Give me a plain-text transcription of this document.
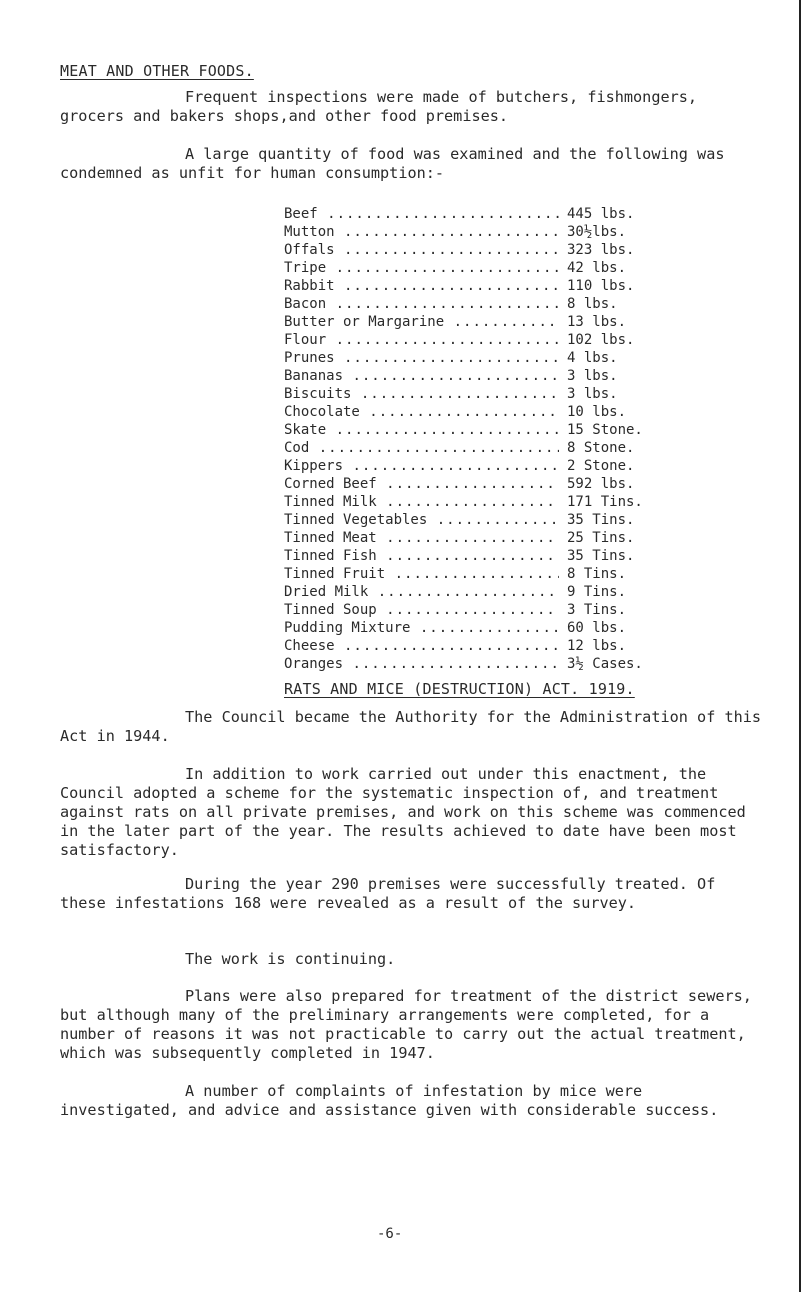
MEAT AND OTHER FOODS.

Frequent inspections were made of butchers, fishmongers, grocers and bakers shops,and other food premises.

A large quantity of food was examined and the following was condemned as unfit for human consumption:-

Beef .....	445 lbs.
Mutton .....	30½lbs.
Offals .....	323 lbs.
Tripe .....	42 lbs.
Rabbit .....	110 lbs.
Bacon .....	8 lbs.
Butter or Margarine .....	13 lbs.
Flour .....	102 lbs.
Prunes .....	4 lbs.
Bananas .....	3 lbs.
Biscuits .....	3 lbs.
Chocolate .....	10 lbs.
Skate .....	15 Stone.
Cod .....	8 Stone.
Kippers .....	2 Stone.
Corned Beef .....	592 lbs.
Tinned Milk .....	171 Tins.
Tinned Vegetables .....	35 Tins.
Tinned Meat .....	25 Tins.
Tinned Fish .....	35 Tins.
Tinned Fruit .....	8 Tins.
Dried Milk .....	9 Tins.
Tinned Soup .....	3 Tins.
Pudding Mixture .....	60 lbs.
Cheese .....	12 lbs.
Oranges .....	3½ Cases.
RATS AND MICE (DESTRUCTION) ACT. 1919.

The Council became the Authority for the Administration of this Act in 1944.

In addition to work carried out under this enactment, the Council adopted a scheme for the systematic inspection of, and treatment against rats on all private premises, and work on this scheme was commenced in the later part of the year. The results achieved to date have been most satisfactory.

During the year 290 premises were successfully treated. Of these infestations 168 were revealed as a result of the survey.

The work is continuing.

Plans were also prepared for treatment of the district sewers, but although many of the preliminary arrangements were completed, for a number of reasons it was not practicable to carry out the actual treatment, which was subsequently completed in 1947.

A number of complaints of infestation by mice were investigated, and advice and assistance given with considerable success.

-6-
